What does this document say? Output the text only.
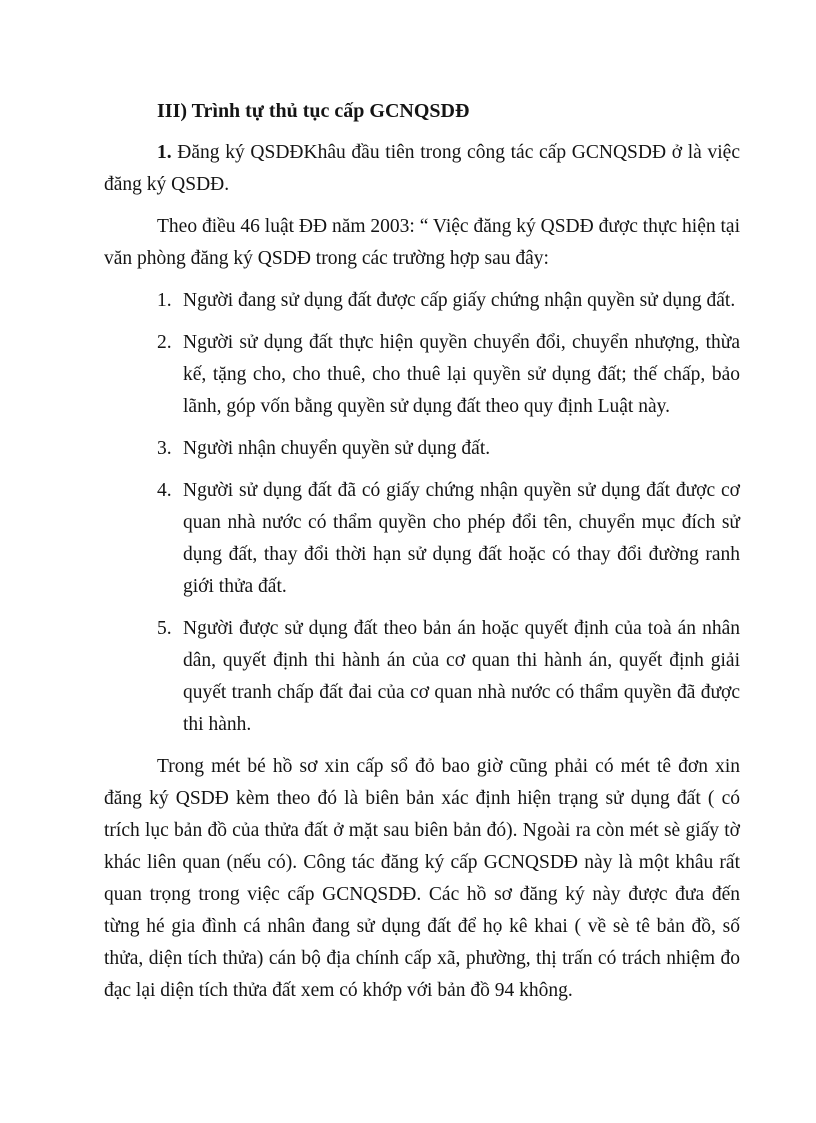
III) Trình tự thủ tục cấp GCNQSDĐ

1. Đăng ký QSDĐKhâu đầu tiên trong công tác cấp GCNQSDĐ ở là việc đăng ký QSDĐ.

Theo điều 46 luật ĐĐ năm 2003: “ Việc đăng ký QSDĐ được thực hiện tại văn phòng đăng ký QSDĐ trong các trường hợp sau đây:

1. Người đang sử dụng đất được cấp giấy chứng nhận quyền sử dụng đất.
2. Người sử dụng đất thực hiện quyền chuyển đổi, chuyển nhượng, thừa kế, tặng cho, cho thuê, cho thuê lại quyền sử dụng đất; thế chấp, bảo lãnh, góp vốn bằng quyền sử dụng đất theo quy định Luật này.
3. Người nhận chuyển quyền sử dụng đất.
4. Người sử dụng đất đã có giấy chứng nhận quyền sử dụng đất được cơ quan nhà nước có thẩm quyền cho phép đổi tên, chuyển mục đích sử dụng đất, thay đổi thời hạn sử dụng đất hoặc có thay đổi đường ranh giới thửa đất.
5. Người được sử dụng đất theo bản án hoặc quyết định của toà án nhân dân, quyết định thi hành án của cơ quan thi hành án, quyết định giải quyết tranh chấp đất đai của cơ quan nhà nước có thẩm quyền đã được thi hành.

Trong mét bé hồ sơ xin cấp sổ đỏ bao giờ cũng phải có mét tê đơn xin đăng ký QSDĐ kèm theo đó là biên bản xác định hiện trạng sử dụng đất ( có trích lục bản đồ của thửa đất ở mặt sau biên bản đó). Ngoài ra còn mét sè giấy tờ khác liên quan (nếu có). Công tác đăng ký cấp GCNQSDĐ này là một khâu rất quan trọng trong việc cấp GCNQSDĐ. Các hồ sơ đăng ký này được đưa đến từng hé gia đình cá nhân đang sử dụng đất để họ kê khai ( về sè tê bản đồ, số thửa, diện tích thửa) cán bộ địa chính cấp xã, phường, thị trấn có trách nhiệm đo đạc lại diện tích thửa đất xem có khớp với bản đồ 94 không.
